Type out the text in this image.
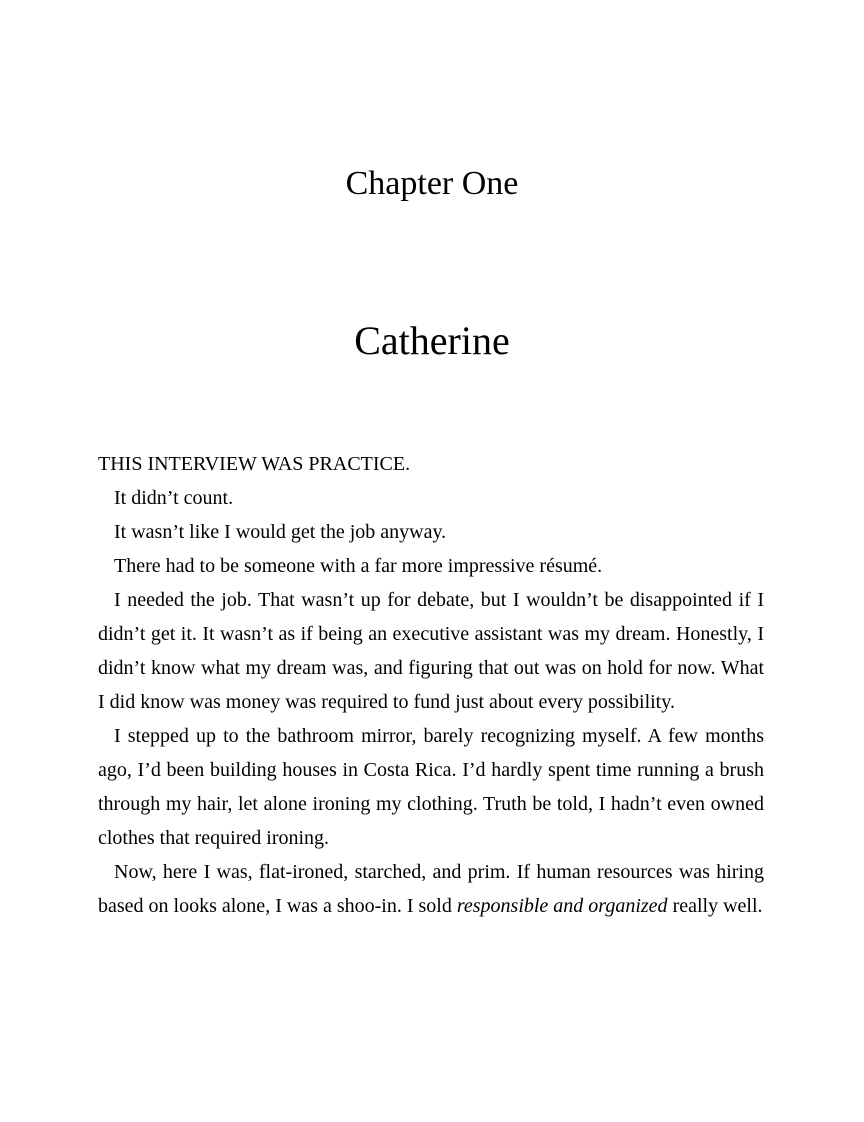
Chapter One
Catherine

THIS INTERVIEW WAS PRACTICE.

It didn’t count.

It wasn’t like I would get the job anyway.

There had to be someone with a far more impressive résumé.

I needed the job. That wasn’t up for debate, but I wouldn’t be disappointed if I didn’t get it. It wasn’t as if being an executive assistant was my dream. Honestly, I didn’t know what my dream was, and figuring that out was on hold for now. What I did know was money was required to fund just about every possibility.

I stepped up to the bathroom mirror, barely recognizing myself. A few months ago, I’d been building houses in Costa Rica. I’d hardly spent time running a brush through my hair, let alone ironing my clothing. Truth be told, I hadn’t even owned clothes that required ironing.

Now, here I was, flat-ironed, starched, and prim. If human resources was hiring based on looks alone, I was a shoo-in. I sold responsible and organized really well.
